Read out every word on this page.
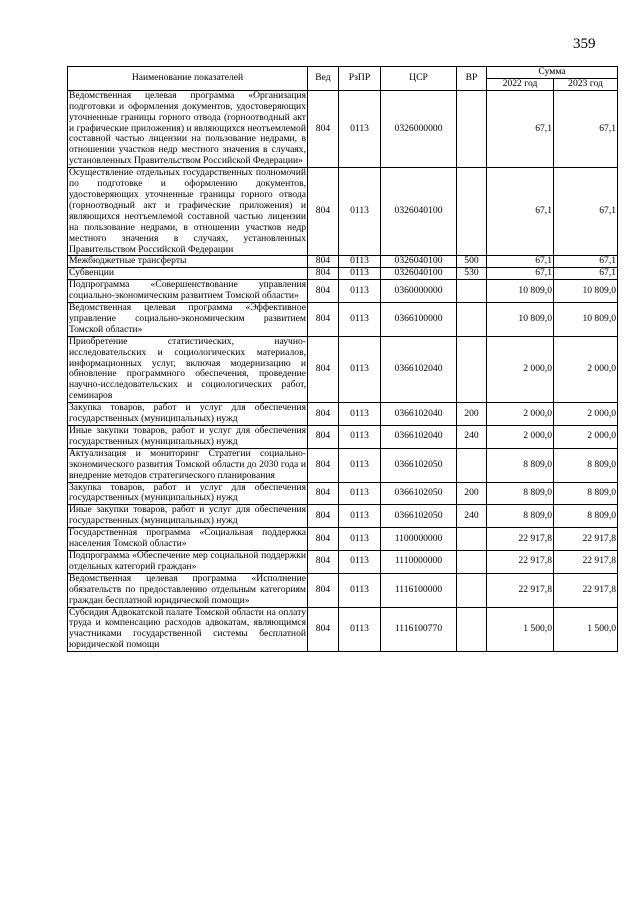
359
Наименование показателей	Вед	РзПР	ЦСР	ВР	Сумма	
					2022 год	2023 год
Ведомственная целевая программа «Организация подготовки и оформления документов, удостоверяющих уточненные границы горного отвода (горноотводный акт и графические приложения) и являющихся неотъемлемой составной частью лицензии на пользование недрами, в отношении участков недр местного значения в случаях, установленных Правительством Российской Федерации»	804	0113	0326000000		67,1	67,1
Осуществление отдельных государственных полномочий по подготовке и оформлению документов, удостоверяющих уточненные границы горного отвода (горноотводный акт и графические приложения) и являющихся неотъемлемой составной частью лицензии на пользование недрами, в отношении участков недр местного значения в случаях, установленных Правительством Российской Федерации	804	0113	0326040100		67,1	67,1
Межбюджетные трансферты	804	0113	0326040100	500	67,1	67,1
Субвенции	804	0113	0326040100	530	67,1	67,1
Подпрограмма «Совершенствование управления социально-экономическим развитием Томской области»	804	0113	0360000000		10 809,0	10 809,0
Ведомственная целевая программа «Эффективное управление социально-экономическим развитием Томской области»	804	0113	0366100000		10 809,0	10 809,0
Приобретение статистических, научно-исследовательских и социологических материалов, информационных услуг, включая модернизацию и обновление программного обеспечения, проведение научно-исследовательских и социологических работ, семинаров	804	0113	0366102040		2 000,0	2 000,0
Закупка товаров, работ и услуг для обеспечения государственных (муниципальных) нужд	804	0113	0366102040	200	2 000,0	2 000,0
Иные закупки товаров, работ и услуг для обеспечения государственных (муниципальных) нужд	804	0113	0366102040	240	2 000,0	2 000,0
Актуализация и мониторинг Стратегии социально-экономического развития Томской области до 2030 года и внедрение методов стратегического планирования	804	0113	0366102050		8 809,0	8 809,0
Закупка товаров, работ и услуг для обеспечения государственных (муниципальных) нужд	804	0113	0366102050	200	8 809,0	8 809,0
Иные закупки товаров, работ и услуг для обеспечения государственных (муниципальных) нужд	804	0113	0366102050	240	8 809,0	8 809,0
Государственная программа «Социальная поддержка населения Томской области»	804	0113	1100000000		22 917,8	22 917,8
Подпрограмма «Обеспечение мер социальной поддержки отдельных категорий граждан»	804	0113	1110000000		22 917,8	22 917,8
Ведомственная целевая программа «Исполнение обязательств по предоставлению отдельным категориям граждан бесплатной юридической помощи»	804	0113	1116100000		22 917,8	22 917,8
Субсидия Адвокатской палате Томской области на оплату труда и компенсацию расходов адвокатам, являющимся участниками государственной системы бесплатной юридической помощи	804	0113	1116100770		1 500,0	1 500,0
